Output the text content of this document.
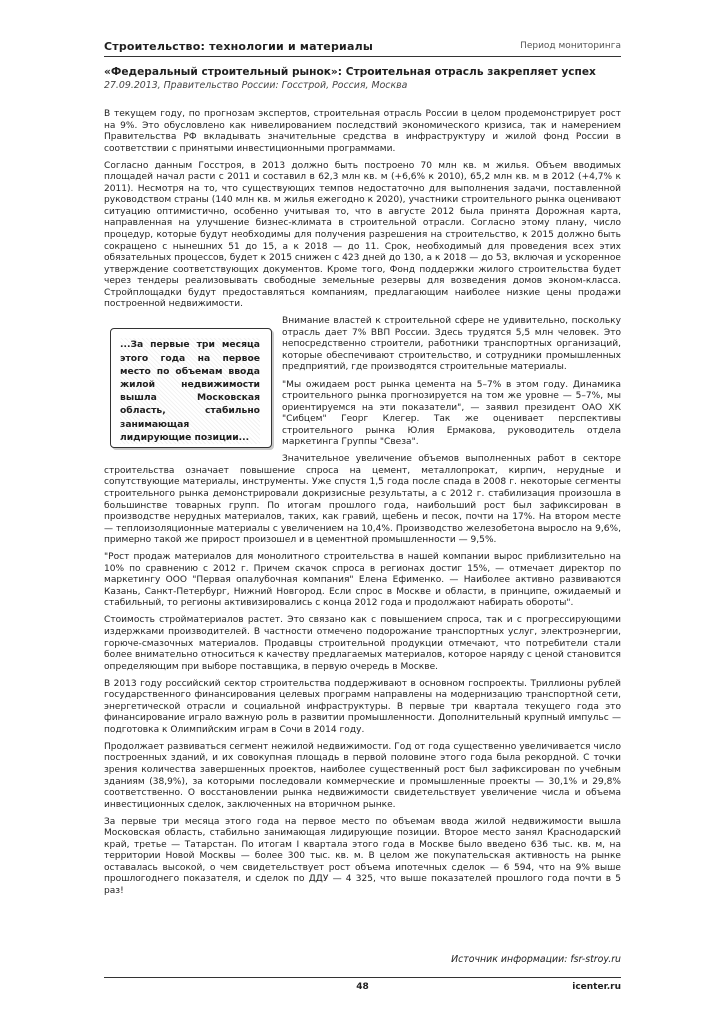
Строительство: технологии и материалы	Период мониторинга
«Федеральный строительный рынок»: Строительная отрасль закрепляет успех
27.09.2013, Правительство России: Госстрой, Россия, Москва

В текущем году, по прогнозам экспертов, строительная отрасль России в целом продемонстрирует рост на 9%. Это обусловлено как нивелированием последствий экономического кризиса, так и намерением Правительства РФ вкладывать значительные средства в инфраструктуру и жилой фонд России в соответствии с принятыми инвестиционными программами.

Согласно данным Госстроя, в 2013 должно быть построено 70 млн кв. м жилья. Объем вводимых площадей начал расти с 2011 и составил в 62,3 млн кв. м (+6,6% к 2010), 65,2 млн кв. м в 2012 (+4,7% к 2011). Несмотря на то, что существующих темпов недостаточно для выполнения задачи, поставленной руководством страны (140 млн кв. м жилья ежегодно к 2020), участники строительного рынка оценивают ситуацию оптимистично, особенно учитывая то, что в августе 2012 была принята Дорожная карта, направленная на улучшение бизнес-климата в строительной отрасли. Согласно этому плану, число процедур, которые будут необходимы для получения разрешения на строительство, к 2015 должно быть сокращено с нынешних 51 до 15, а к 2018 — до 11. Срок, необходимый для проведения всех этих обязательных процессов, будет к 2015 снижен с 423 дней до 130, а к 2018 — до 53, включая и ускоренное утверждение соответствующих документов. Кроме того, Фонд поддержки жилого строительства будет через тендеры реализовывать свободные земельные резервы для возведения домов эконом-класса. Стройплощадки будут предоставляться компаниям, предлагающим наиболее низкие цены продажи построенной недвижимости.

...За первые три месяца этого года на первое место по объемам ввода жилой недвижимости вышла Московская область, стабильно занимающая лидирующие позиции...

Внимание властей к строительной сфере не удивительно, поскольку отрасль дает 7% ВВП России. Здесь трудятся 5,5 млн человек. Это непосредственно строители, работники транспортных организаций, которые обеспечивают строительство, и сотрудники промышленных предприятий, где производятся строительные материалы.

"Мы ожидаем рост рынка цемента на 5–7% в этом году. Динамика строительного рынка прогнозируется на том же уровне — 5–7%, мы ориентируемся на эти показатели", — заявил президент ОАО ХК "Сибцем" Георг Клегер. Так же оценивает перспективы строительного рынка Юлия Ермакова, руководитель отдела маркетинга Группы "Свеза".

Значительное увеличение объемов выполненных работ в секторе строительства означает повышение спроса на цемент, металлопрокат, кирпич, нерудные и сопутствующие материалы, инструменты. Уже спустя 1,5 года после спада в 2008 г. некоторые сегменты строительного рынка демонстрировали докризисные результаты, а с 2012 г. стабилизация произошла в большинстве товарных групп. По итогам прошлого года, наибольший рост был зафиксирован в производстве нерудных материалов, таких, как гравий, щебень и песок, почти на 17%. На втором месте — теплоизоляционные материалы с увеличением на 10,4%. Производство железобетона выросло на 9,6%, примерно такой же прирост произошел и в цементной промышленности — 9,5%.

"Рост продаж материалов для монолитного строительства в нашей компании вырос приблизительно на 10% по сравнению с 2012 г. Причем скачок спроса в регионах достиг 15%, — отмечает директор по маркетингу ООО "Первая опалубочная компания" Елена Ефименко. — Наиболее активно развиваются Казань, Санкт-Петербург, Нижний Новгород. Если спрос в Москве и области, в принципе, ожидаемый и стабильный, то регионы активизировались с конца 2012 года и продолжают набирать обороты".

Стоимость стройматериалов растет. Это связано как с повышением спроса, так и с прогрессирующими издержками производителей. В частности отмечено подорожание транспортных услуг, электроэнергии, горюче-смазочных материалов. Продавцы строительной продукции отмечают, что потребители стали более внимательно относиться к качеству предлагаемых материалов, которое наряду с ценой становится определяющим при выборе поставщика, в первую очередь в Москве.

В 2013 году российский сектор строительства поддерживают в основном госпроекты. Триллионы рублей государственного финансирования целевых программ направлены на модернизацию транспортной сети, энергетической отрасли и социальной инфраструктуры. В первые три квартала текущего года это финансирование играло важную роль в развитии промышленности. Дополнительный крупный импульс — подготовка к Олимпийским играм в Сочи в 2014 году.

Продолжает развиваться сегмент нежилой недвижимости. Год от года существенно увеличивается число построенных зданий, и их совокупная площадь в первой половине этого года была рекордной. С точки зрения количества завершенных проектов, наиболее существенный рост был зафиксирован по учебным зданиям (38,9%), за которыми последовали коммерческие и промышленные проекты — 30,1% и 29,8% соответственно. О восстановлении рынка недвижимости свидетельствует увеличение числа и объема инвестиционных сделок, заключенных на вторичном рынке.

За первые три месяца этого года на первое место по объемам ввода жилой недвижимости вышла Московская область, стабильно занимающая лидирующие позиции. Второе место занял Краснодарский край, третье — Татарстан. По итогам I квартала этого года в Москве было введено 636 тыс. кв. м, на территории Новой Москвы — более 300 тыс. кв. м. В целом же покупательская активность на рынке оставалась высокой, о чем свидетельствует рост объема ипотечных сделок — 6 594, что на 9% выше прошлогоднего показателя, и сделок по ДДУ — 4 325, что выше показателей прошлого года почти в 5 раз!

Источник информации: fsr-stroy.ru
48	icenter.ru
